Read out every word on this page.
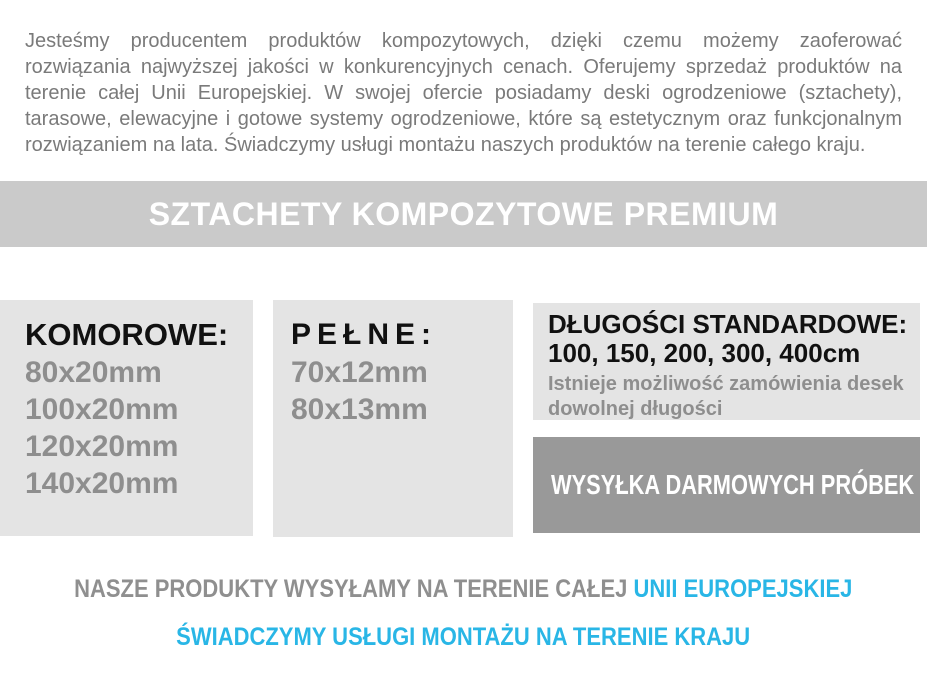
Jesteśmy producentem produktów kompozytowych, dzięki czemu możemy zaoferować rozwiązania najwyższej jakości w konkurencyjnych cenach. Oferujemy sprzedaż produktów na terenie całej Unii Europejskiej. W swojej ofercie posiadamy deski ogrodzeniowe (sztachety), tarasowe, elewacyjne i gotowe systemy ogrodzeniowe, które są estetycznym oraz funkcjonalnym rozwiązaniem na lata. Świadczymy usługi montażu naszych produktów na terenie całego kraju.

SZTACHETY KOMPOZYTOWE PREMIUM
KOMOROWE:
80x20mm
100x20mm
120x20mm
140x20mm
PEŁNE:
70x12mm
80x13mm
DŁUGOŚCI STANDARDOWE:
100, 150, 200, 300, 400cm
Istnieje możliwość zamówienia desek dowolnej długości
WYSYŁKA DARMOWYCH PRÓBEK
NASZE PRODUKTY WYSYŁAMY NA TERENIE CAŁEJ UNII EUROPEJSKIEJ
ŚWIADCZYMY USŁUGI MONTAŻU NA TERENIE KRAJU
